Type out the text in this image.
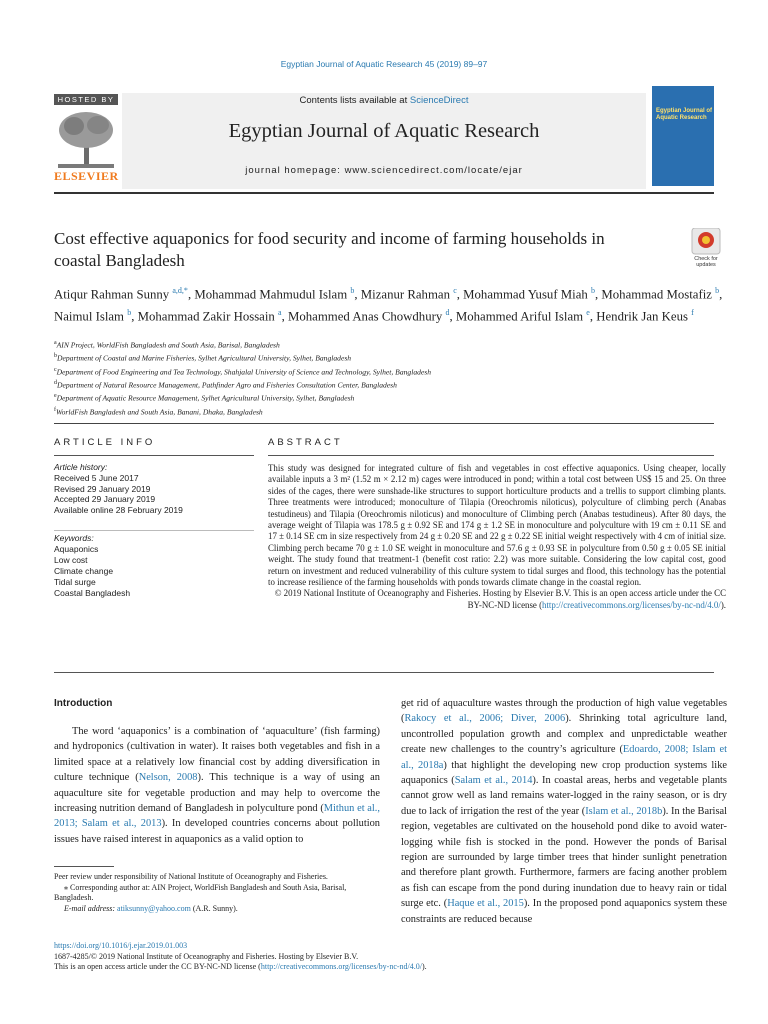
Egyptian Journal of Aquatic Research 45 (2019) 89–97
HOSTED BY
ELSEVIER
Contents lists available at ScienceDirect
Egyptian Journal of Aquatic Research
journal homepage: www.sciencedirect.com/locate/ejar
Egyptian Journal of Aquatic Research
Cost effective aquaponics for food security and income of farming households in coastal Bangladesh	Check for updates
Atiqur Rahman Sunny $^{a,d,*}$, Mohammad Mahmudul Islam $^b$, Mizanur Rahman $^c$, Mohammad Yusuf Miah $^b$, Mohammad Mostafiz $^b$, Naimul Islam $^b$, Mohammad Zakir Hossain $^a$, Mohammed Anas Chowdhury $^d$, Mohammed Ariful Islam $^e$, Hendrik Jan Keus $^f$
$^a$AIN Project, WorldFish Bangladesh and South Asia, Barisal, Bangladesh
$^b$Department of Coastal and Marine Fisheries, Sylhet Agricultural University, Sylhet, Bangladesh
$^c$Department of Food Engineering and Tea Technology, Shahjalal University of Science and Technology, Sylhet, Bangladesh
$^d$Department of Natural Resource Management, Pathfinder Agro and Fisheries Consultation Center, Bangladesh
$^e$Department of Aquatic Resource Management, Sylhet Agricultural University, Sylhet, Bangladesh
$^f$WorldFish Bangladesh and South Asia, Banani, Dhaka, Bangladesh
ARTICLE INFO	ABSTRACT
Article history:
Received 5 June 2017
Revised 29 January 2019
Accepted 29 January 2019
Available online 28 February 2019
Keywords:
Aquaponics
Low cost
Climate change
Tidal surge
Coastal Bangladesh
This study was designed for integrated culture of fish and vegetables in cost effective aquaponics. Using cheaper, locally available inputs a 3 m² (1.52 m × 2.12 m) cages were introduced in pond; within a total cost between US$ 15 and 25. On three sides of the cages, there were sunshade-like structures to support horticulture products and a trellis to support climbing plants. Three treatments were introduced; monoculture of Tilapia (Oreochromis niloticus), polyculture of climbing perch (Anabas testudineus) and Tilapia (Oreochromis niloticus) and monoculture of Climbing perch (Anabas testudineus). After 80 days, the average weight of Tilapia was 178.5 g ± 0.92 SE and 174 g ± 1.2 SE in monoculture and polyculture with 19 cm ± 0.11 SE and 17 ± 0.14 SE cm in size respectively from 24 g ± 0.20 SE and 22 g ± 0.22 SE initial weight respectively with 4 cm of initial size. Climbing perch became 70 g ± 1.0 SE weight in monoculture and 57.6 g ± 0.93 SE in polyculture from 0.50 g ± 0.05 SE initial weight. The study found that treatment-1 (benefit cost ratio: 2.2) was more suitable. Considering the low capital cost, good return on investment and reduced vulnerability of this culture system to tidal surges and flood, this technology has the potential to increase resilience of the farming households with ponds towards climate change in the coastal region.
© 2019 National Institute of Oceanography and Fisheries. Hosting by Elsevier B.V. This is an open access article under the CC BY-NC-ND license (http://creativecommons.org/licenses/by-nc-nd/4.0/).
Introduction
The word ‘aquaponics’ is a combination of ‘aquaculture’ (fish farming) and hydroponics (cultivation in water). It raises both vegetables and fish in a limited space at a relatively low financial cost by adding diversification in culture technique (Nelson, 2008). This technique is a way of using an aquaculture site for vegetable production and may help to overcome the increasing nutrition demand of Bangladesh in polyculture pond (Mithun et al., 2013; Salam et al., 2013). In developed countries concerns about pollution issues have raised interest in aquaponics as a valid option to
get rid of aquaculture wastes through the production of high value vegetables (Rakocy et al., 2006; Diver, 2006). Shrinking total agriculture land, uncontrolled population growth and complex and unpredictable weather create new challenges to the country’s agriculture (Edoardo, 2008; Islam et al., 2018a) that highlight the developing new crop production systems like aquaponics (Salam et al., 2014). In coastal areas, herbs and vegetable plants cannot grow well as land remains water-logged in the rainy season, or is dry due to lack of irrigation the rest of the year (Islam et al., 2018b). In the Barisal region, vegetables are cultivated on the household pond dike to avoid water-logging while fish is stocked in the pond. However the ponds of Barisal region are surrounded by large timber trees that hinder sunlight penetration and therefore plant growth. Furthermore, farmers are facing another problem as fish can escape from the pond during inundation due to heavy rain or tidal surge etc. (Haque et al., 2015). In the proposed pond aquaponics system these constraints are reduced because
Peer review under responsibility of National Institute of Oceanography and Fisheries.
⁎ Corresponding author at: AIN Project, WorldFish Bangladesh and South Asia, Barisal, Bangladesh.
E-mail address: atiksunny@yahoo.com (A.R. Sunny).
https://doi.org/10.1016/j.ejar.2019.01.003
1687-4285/© 2019 National Institute of Oceanography and Fisheries. Hosting by Elsevier B.V.
This is an open access article under the CC BY-NC-ND license (http://creativecommons.org/licenses/by-nc-nd/4.0/).
